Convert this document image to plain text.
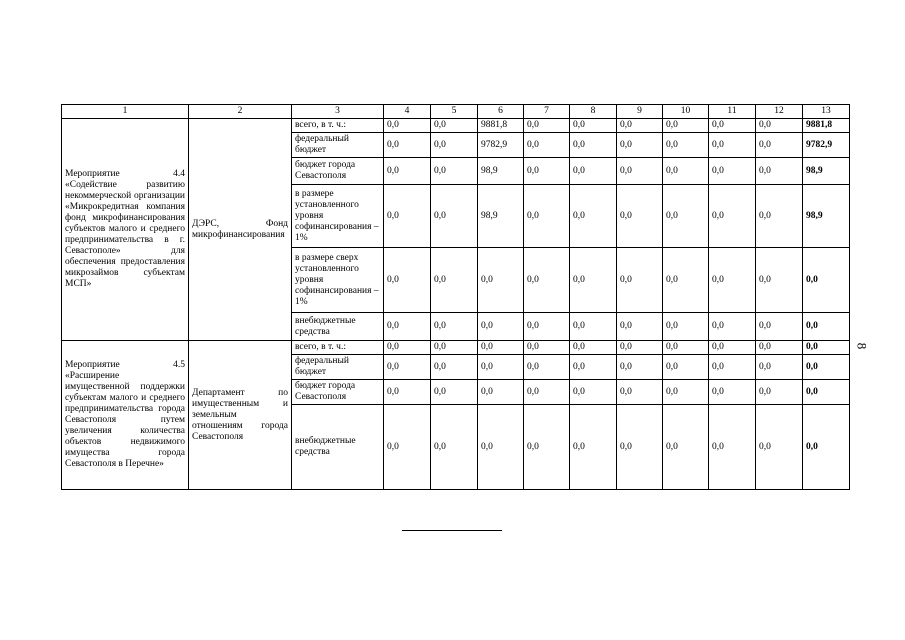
1	2	3	4	5	6	7	8	9	10	11	12	13
Мероприятие 4.4 «Содействие развитию некоммерческой организации «Микрокредитная компания фонд микрофинансирования субъектов малого и среднего предпринимательства в г. Севастополе» для обеспечения предоставления микрозаймов субъектам МСП»	ДЭРС, Фонд микрофинансирования	всего, в т. ч.:	0,0	0,0	9881,8	0,0	0,0	0,0	0,0	0,0	0,0	9881,8
		федеральный бюджет	0,0	0,0	9782,9	0,0	0,0	0,0	0,0	0,0	0,0	9782,9
		бюджет города Севастополя	0,0	0,0	98,9	0,0	0,0	0,0	0,0	0,0	0,0	98,9
		в размере установленного уровня софинансирования – 1%	0,0	0,0	98,9	0,0	0,0	0,0	0,0	0,0	0,0	98,9
		в размере сверх установленного уровня софинансирования – 1%	0,0	0,0	0,0	0,0	0,0	0,0	0,0	0,0	0,0	0,0
		внебюджетные средства	0,0	0,0	0,0	0,0	0,0	0,0	0,0	0,0	0,0	0,0
Мероприятие 4.5 «Расширение имущественной поддержки субъектам малого и среднего предпринимательства города Севастополя путем увеличения количества объектов недвижимого имущества города Севастополя в Перечне»	Департамент по имущественным и земельным отношениям города Севастополя	всего, в т. ч.:	0,0	0,0	0,0	0,0	0,0	0,0	0,0	0,0	0,0	0,0
		федеральный бюджет	0,0	0,0	0,0	0,0	0,0	0,0	0,0	0,0	0,0	0,0
		бюджет города Севастополя	0,0	0,0	0,0	0,0	0,0	0,0	0,0	0,0	0,0	0,0
		внебюджетные средства	0,0	0,0	0,0	0,0	0,0	0,0	0,0	0,0	0,0	0,0
8
